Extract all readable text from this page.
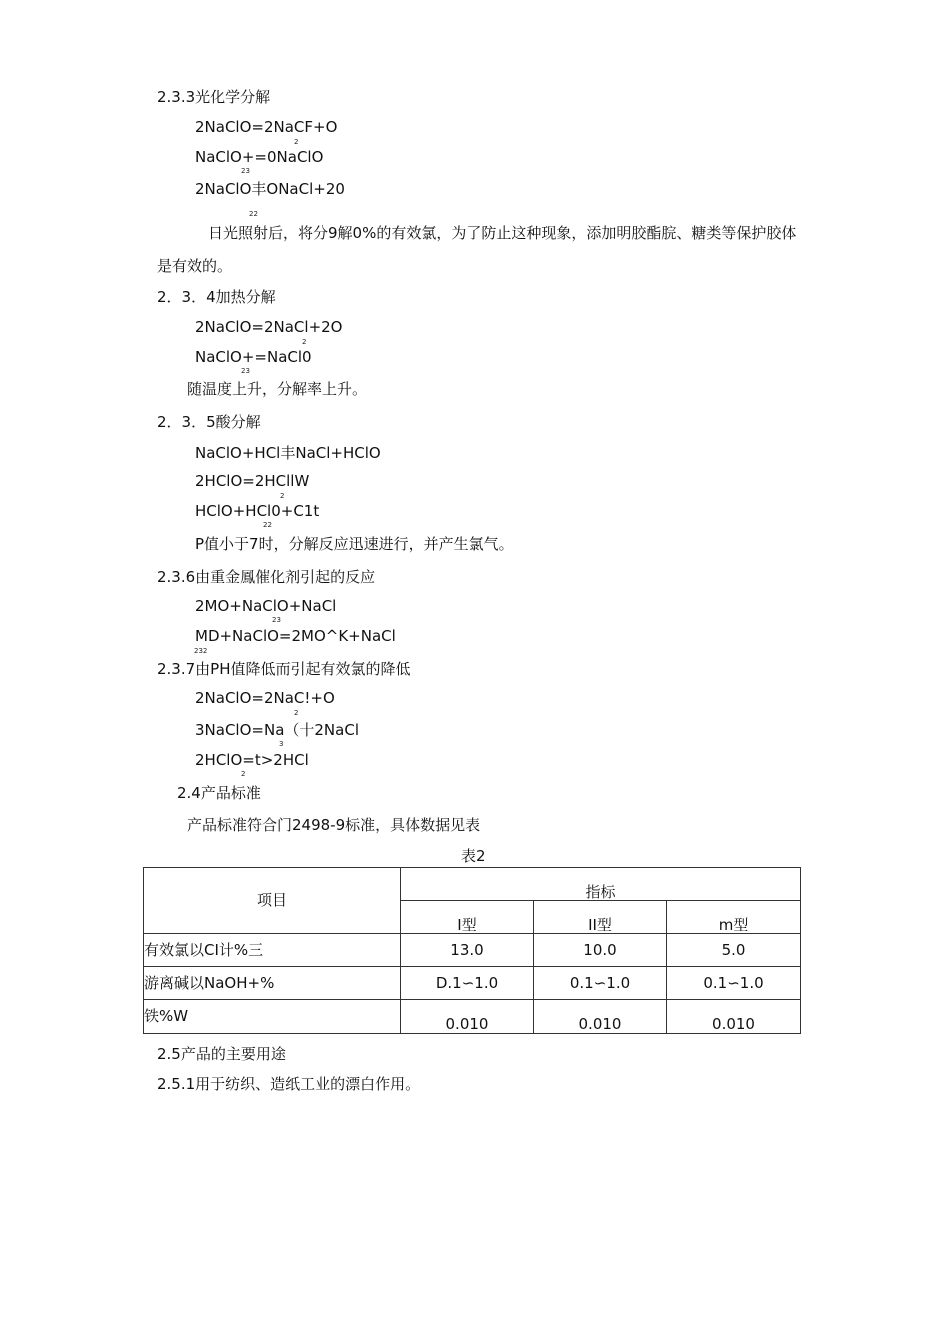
2.3.3光化学分解
2NaClO=2NaCF+O
2
NaClO+=0NaClO
23
2NaClO丰ONaCl+20
22
日光照射后，将分9解0%的有效氯，为了防止这种现象，添加明胶酯脘、糖类等保护胶体
是有效的。
2．3．4加热分解
2NaClO=2NaCl+2O
2
NaClO+=NaCl0
23
随温度上升，分解率上升。
2．3．5酸分解
NaClO+HCl丰NaCl+HClO
2HClO=2HCllW
2
HClO+HCl0+C1t
22
P值小于7时，分解反应迅速进行，并产生氯气。
2.3.6由重金鳳催化剂引起的反应
2MO+NaClO+NaCl
23
MD+NaClO=2MO^K+NaCl
232
2.3.7由PH值降低而引起有效氯的降低
2NaClO=2NaC!+O
2
3NaClO=Na（十2NaCl
3
2HClO=t>2HCl
2
2.4产品标准
产品标准符合门2498-9标准，具体数据见表
表2
项目	指标		
	I型	II型	m型
有效氯以CI计%三	13.0	10.0	5.0
游离碱以NaOH+%	D.1∽1.0	0.1∽1.0	0.1∽1.0
铁%W	0.010	0.010	0.010
2.5产品的主要用途
2.5.1用于纺织、造纸工业的漂白作用。
